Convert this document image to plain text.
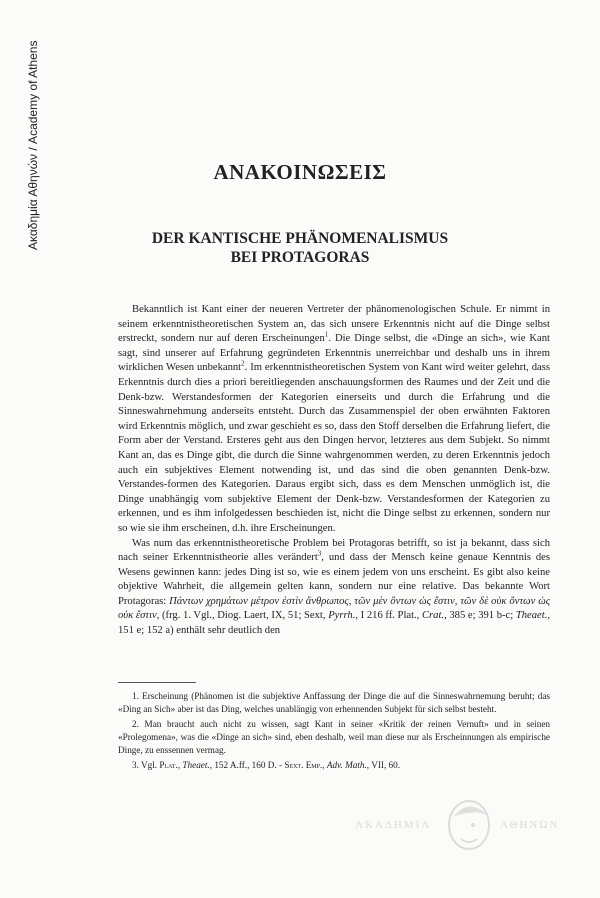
Ακαδημία Αθηνών / Academy of Athens	ΑΝΑΚΟΙΝΩΣΕΙΣ
DER KANTISCHE PHÄNOMENALISMUS
BEI PROTAGORAS

Bekanntlich ist Kant einer der neueren Vertreter der phänomenologischen Schule. Er nimmt in seinem erkenntnistheoretischen System an, das sich unsere Erkenntnis nicht auf die Dinge selbst erstreckt, sondern nur auf deren Erscheinungen$^1$. Die Dinge selbst, die «Dinge an sich», wie Kant sagt, sind unserer auf Erfahrung gegründeten Erkenntnis unerreichbar und deshalb uns in ihrem wirklichen Wesen unbekannt$^2$. Im erkenntnistheoretischen System von Kant wird weiter gelehrt, dass Erkenntnis durch dies a priori bereitliegenden anschauungsformen des Raumes und der Zeit und die Denk-bzw. Werstandesformen der Kategorien einerseits und durch die Erfahrung und die Sinneswahrnehmung anderseits entsteht. Durch das Zusammenspiel der oben erwähnten Faktoren wird Erkenntnis möglich, und zwar geschieht es so, dass den Stoff derselben die Erfahrung liefert, die Form aber der Verstand. Ersteres geht aus den Dingen hervor, letzteres aus dem Subjekt. So nimmt Kant an, das es Dinge gibt, die durch die Sinne wahrgenommen werden, zu deren Erkenntnis jedoch auch ein subjektives Element notwending ist, und das sind die oben genannten Denk-bzw. Verstandes-formen des Kategorien. Daraus ergibt sich, dass es dem Menschen unmöglich ist, die Dinge unabhängig vom subjektive Element der Denk-bzw. Verstandesformen der Kategorien zu erkennen, und es ihm infolgedessen beschieden ist, nicht die Dinge selbst zu erkennen, sondern nur so wie sie ihm erscheinen, d.h. ihre Erscheinungen.

Was num das erkenntnistheoretische Problem bei Protagoras betrifft, so ist ja bekannt, dass sich nach seiner Erkenntnistheorie alles verändert$^3$, und dass der Mensch keine genaue Kenntnis des Wesens gewinnen kann: jedes Ding ist so, wie es einem jedem von uns erscheint. Es gibt also keine objektive Wahrheit, die allgemein gelten kann, sondern nur eine relative. Das bekannte Wort Protagoras: Πάντων χρημάτων μέτρον ἐστὶν ἄνθρωπος, τῶν μὲν ὄντων ὡς ἔστιν, τῶν δὲ οὐκ ὄντων ὡς οὐκ ἔστιν, (frg. 1. Vgl., Diog. Laert, IX, 51; Sext, Pyrrh., I 216 ff. Plat., Crat., 385 e; 391 b-c; Theaet., 151 e; 152 a) enthält sehr deutlich den

1. Erscheinung (Phänomen ist die subjektive Anffassung der Dinge die auf die Sinneswahrnemung beruht; das «Ding an Sich» aber ist das Ding, welches unablängig von erhennenden Subjekt für sich selbst besteht.

2. Man braucht auch nicht zu wissen, sagt Kant in seiner «Kritik der reinen Vernuft» und in seinen «Prolegomena», was die «Dinge an sich» sind, eben deshalb, weil man diese nur als Erscheinnungen als empirische Dinge, zu enssennen vermag.

3. Vgl. Plat., Theaet., 152 A.ff., 160 D. - Sext. Emp., Adv. Math., VII, 60.

ΑΚΑΔΗΜΙΑ	ΑΘΗΝΩΝ
